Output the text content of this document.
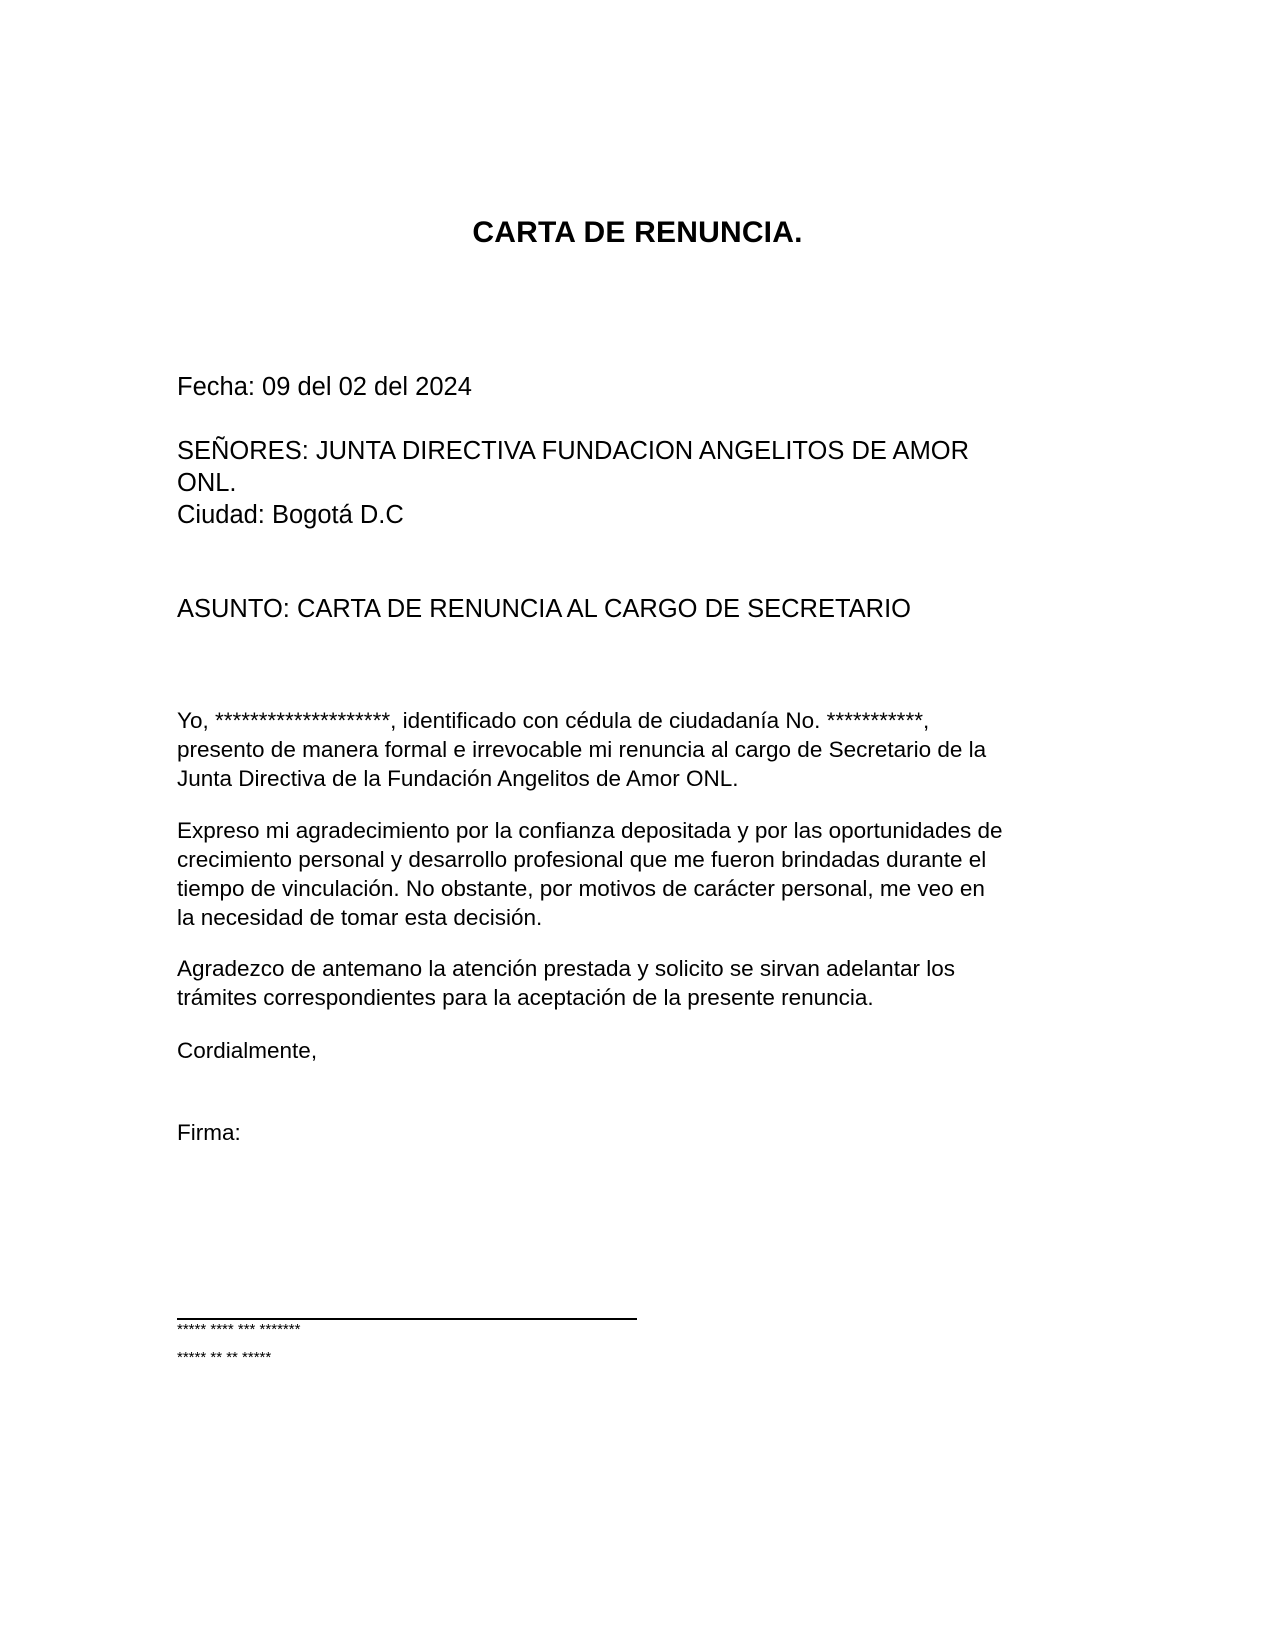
CARTA DE RENUNCIA.

Fecha: 09 del 02 del 2024

SEÑORES: JUNTA DIRECTIVA FUNDACION ANGELITOS DE AMOR

ONL.

Ciudad: Bogotá D.C

ASUNTO: CARTA DE RENUNCIA AL CARGO DE SECRETARIO

Yo, ********************, identificado con cédula de ciudadanía No. ***********,
presento de manera formal e irrevocable mi renuncia al cargo de Secretario de la
Junta Directiva de la Fundación Angelitos de Amor ONL.
Expreso mi agradecimiento por la confianza depositada y por las oportunidades de
crecimiento personal y desarrollo profesional que me fueron brindadas durante el
tiempo de vinculación. No obstante, por motivos de carácter personal, me veo en
la necesidad de tomar esta decisión.
Agradezco de antemano la atención prestada y solicito se sirvan adelantar los
trámites correspondientes para la aceptación de la presente renuncia.

Cordialmente,

Firma:

***** **** *** *******

***** ** ** *****
